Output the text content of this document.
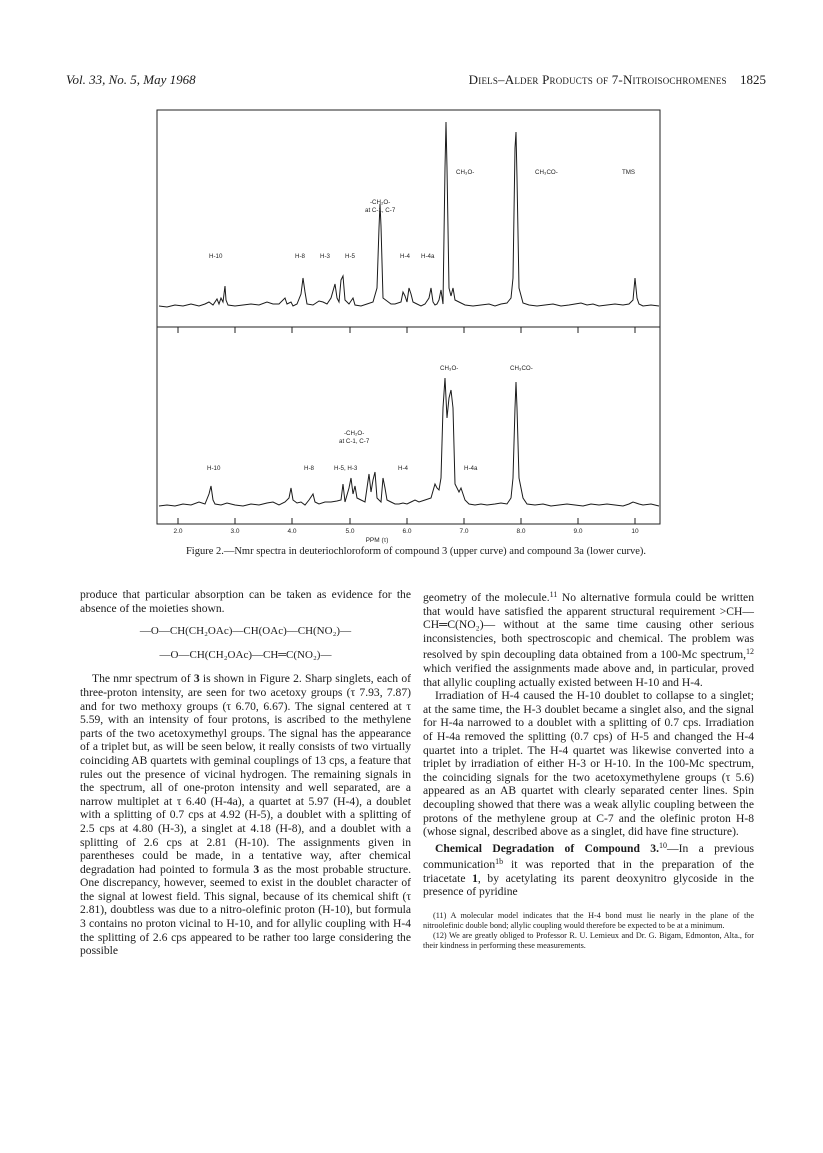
Vol. 33, No. 5, May 1968	Diels–Alder Products of 7-Nitroisochromenes 1825
H-10	H-8 H-3 H-5
-CH₂O-
at C-1, C-7
H-4 H-4a
CH₃O-	CH₃CO-	TMS
H-10	H-8	H-5, H-3
-CH₂O-
at C-1, C-7
H-4	H-4a
CH₃O-	CH₃CO-
2.0	3.0	4.0	5.0	6.0	7.0	8.0	9.0	10
PPM (τ)
Figure 2.—Nmr spectra in deuteriochloroform of compound 3 (upper curve) and compound 3a (lower curve).

produce that particular absorption can be taken as evidence for the absence of the moieties shown.

—O—CH(CH₂OAc)—CH(OAc)—CH(NO₂)—
—O—CH(CH₂OAc)—CH═C(NO₂)—

The nmr spectrum of 3 is shown in Figure 2. Sharp singlets, each of three-proton intensity, are seen for two acetoxy groups (τ 7.93, 7.87) and for two methoxy groups (τ 6.70, 6.67). The signal centered at τ 5.59, with an intensity of four protons, is ascribed to the methylene parts of the two acetoxymethyl groups. The signal has the appearance of a triplet but, as will be seen below, it really consists of two virtually coinciding AB quartets with geminal couplings of 13 cps, a feature that rules out the presence of vicinal hydrogen. The remaining signals in the spectrum, all of one-proton intensity and well separated, are a narrow multiplet at τ 6.40 (H-4a), a quartet at 5.97 (H-4), a doublet with a splitting of 0.7 cps at 4.92 (H-5), a doublet with a splitting of 2.5 cps at 4.80 (H-3), a singlet at 4.18 (H-8), and a doublet with a splitting of 2.6 cps at 2.81 (H-10). The assignments given in parentheses could be made, in a tentative way, after chemical degradation had pointed to formula 3 as the most probable structure. One discrepancy, however, seemed to exist in the doublet character of the signal at lowest field. This signal, because of its chemical shift (τ 2.81), doubtless was due to a nitro-olefinic proton (H-10), but formula 3 contains no proton vicinal to H-10, and for allylic coupling with H-4 the splitting of 2.6 cps appeared to be rather too large considering the possible

geometry of the molecule.$^{11}$ No alternative formula could be written that would have satisfied the apparent structural requirement >CH—CH═C(NO₂)— without at the same time causing other serious inconsistencies, both spectroscopic and chemical. The problem was resolved by spin decoupling data obtained from a 100-Mc spectrum,$^{12}$ which verified the assignments made above and, in particular, proved that allylic coupling actually existed between H-10 and H-4.

Irradiation of H-4 caused the H-10 doublet to collapse to a singlet; at the same time, the H-3 doublet became a singlet also, and the signal for H-4a narrowed to a doublet with a splitting of 0.7 cps. Irradiation of H-4a removed the splitting (0.7 cps) of H-5 and changed the H-4 quartet into a triplet. The H-4 quartet was likewise converted into a triplet by irradiation of either H-3 or H-10. In the 100-Mc spectrum, the coinciding signals for the two acetoxymethylene groups (τ 5.6) appeared as an AB quartet with clearly separated center lines. Spin decoupling showed that there was a weak allylic coupling between the protons of the methylene group at C-7 and the olefinic proton H-8 (whose signal, described above as a singlet, did have fine structure).

Chemical Degradation of Compound 3.10—In a previous communication$^{1b}$ it was reported that in the preparation of the triacetate 1, by acetylating its parent deoxynitro glycoside in the presence of pyridine

(11) A molecular model indicates that the H-4 bond must lie nearly in the plane of the nitroolefinic double bond; allylic coupling would therefore be expected to be at a minimum.

(12) We are greatly obliged to Professor R. U. Lemieux and Dr. G. Bigam, Edmonton, Alta., for their kindness in performing these measurements.
